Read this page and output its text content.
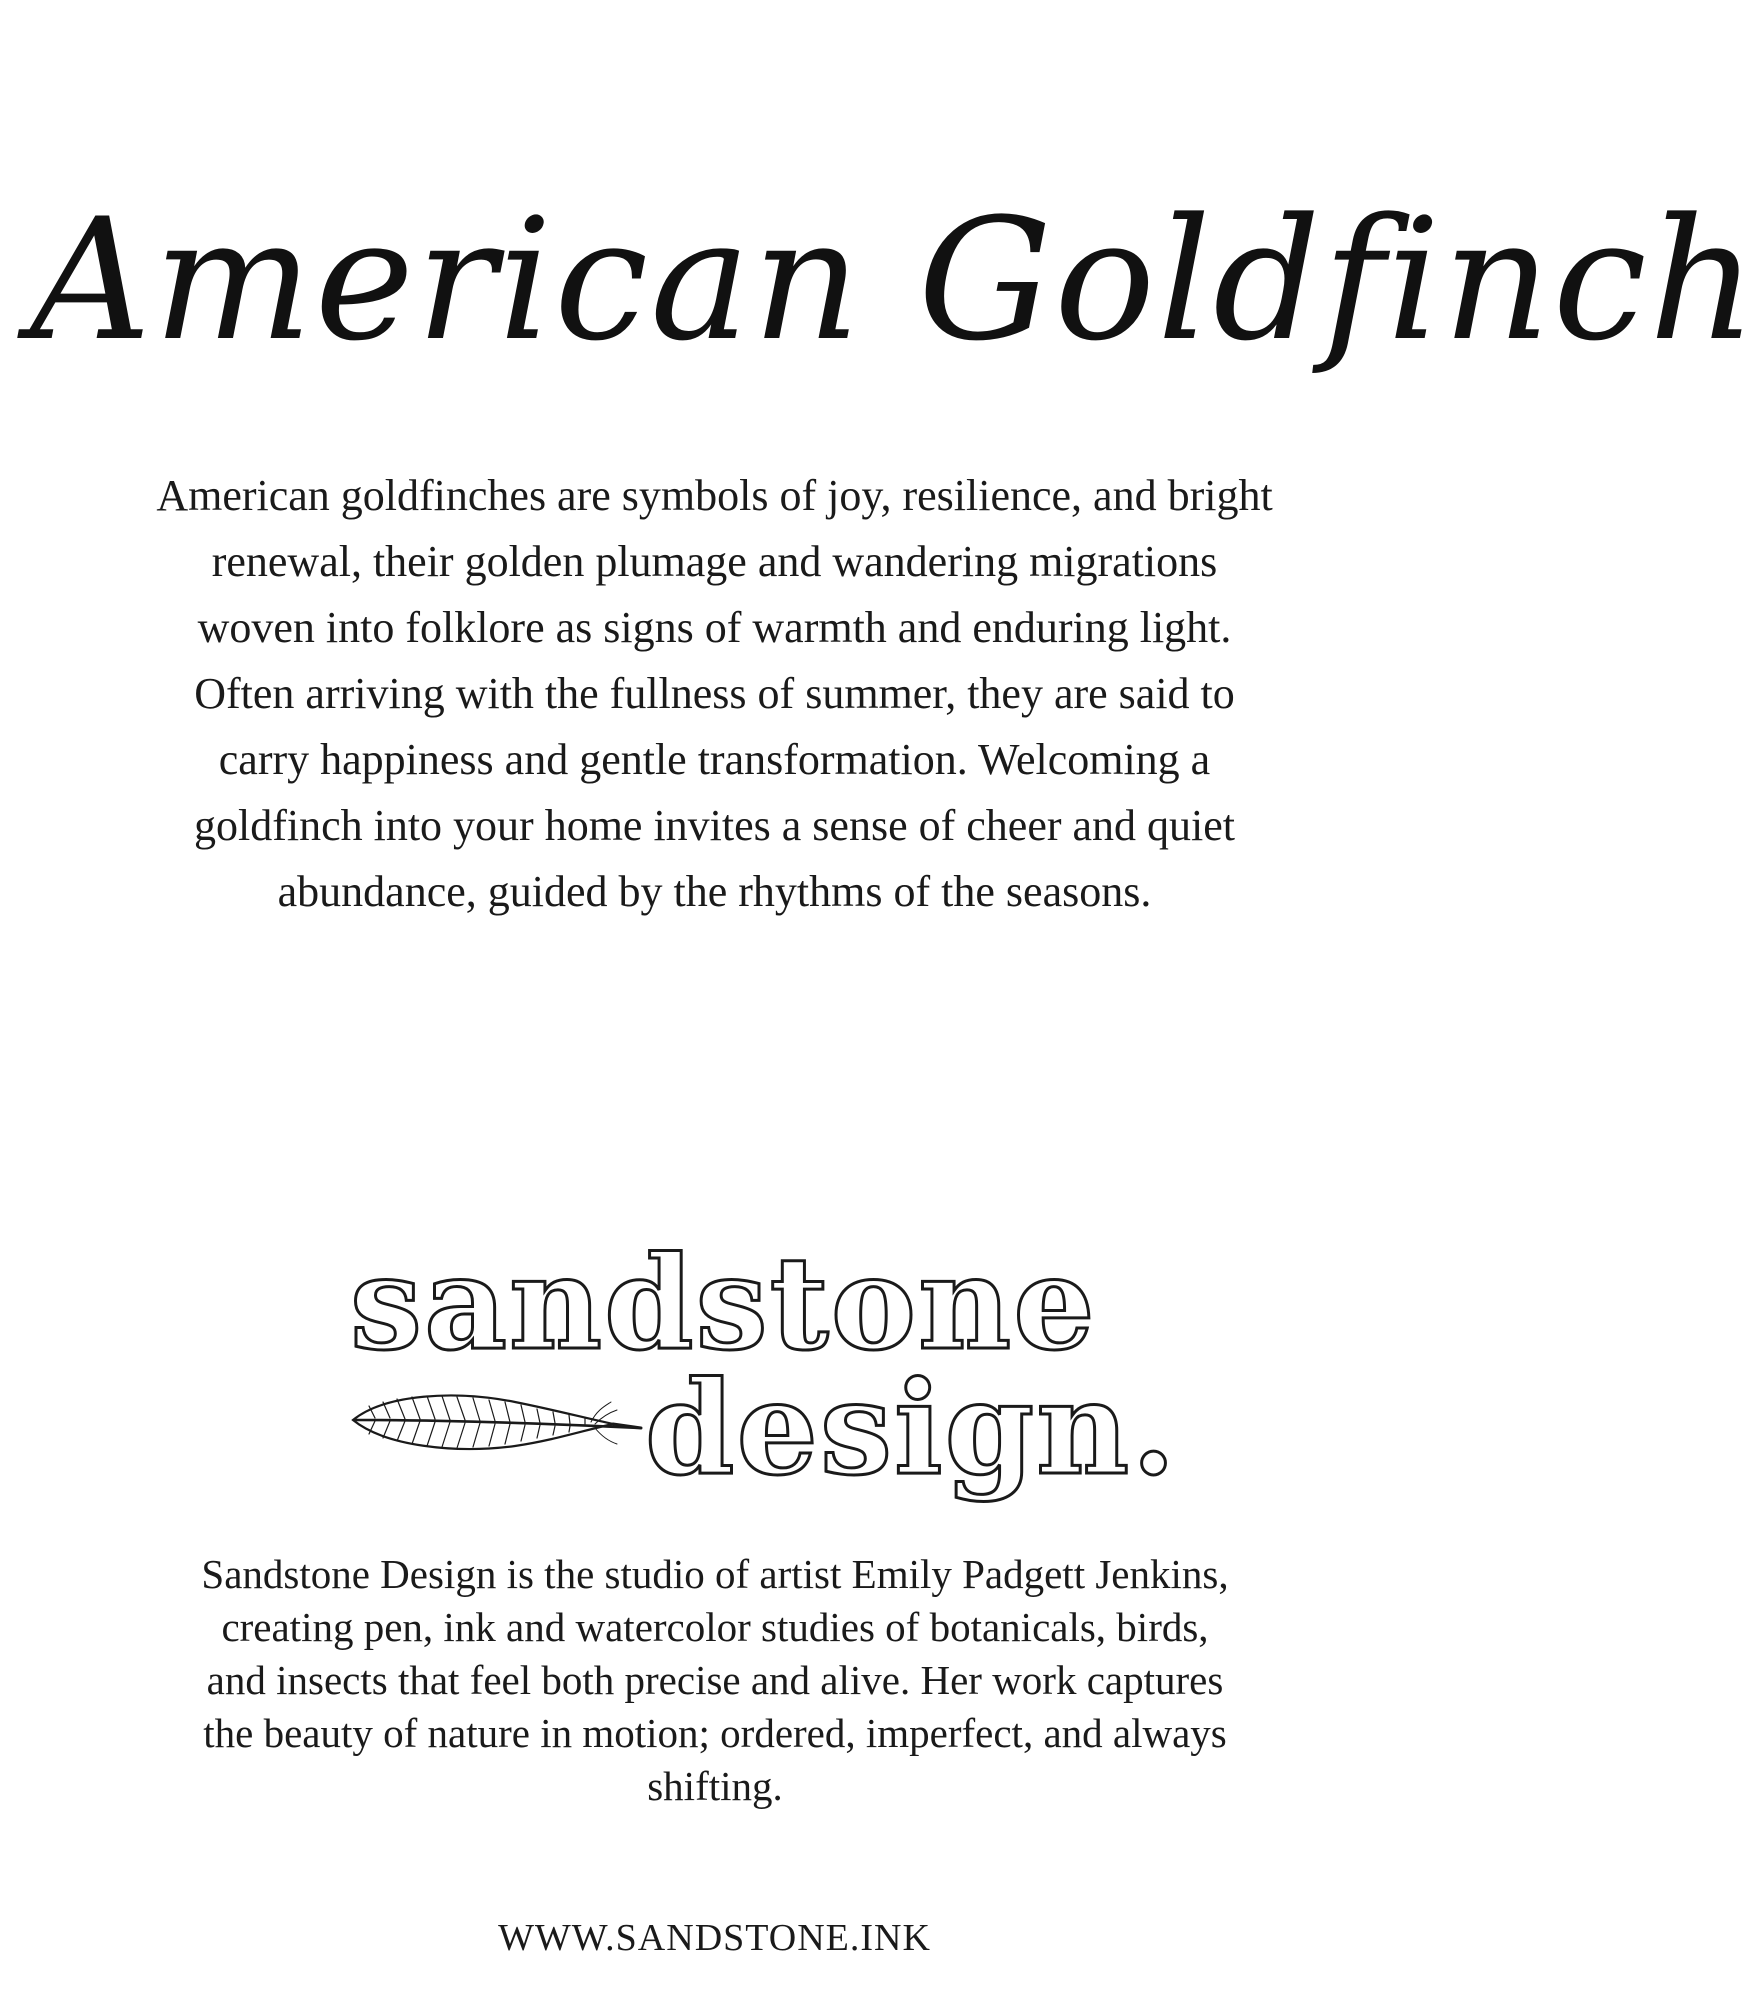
American Goldfinch

American goldfinches are symbols of joy, resilience, and bright renewal, their golden plumage and wandering migrations woven into folklore as signs of warmth and enduring light. Often arriving with the fullness of summer, they are said to carry happiness and gentle transformation. Welcoming a goldfinch into your home invites a sense of cheer and quiet abundance, guided by the rhythms of the seasons.

sandstone
design.

Sandstone Design is the studio of artist Emily Padgett Jenkins, creating pen, ink and watercolor studies of botanicals, birds, and insects that feel both precise and alive. Her work captures the beauty of nature in motion; ordered, imperfect, and always shifting.

WWW.SANDSTONE.INK
